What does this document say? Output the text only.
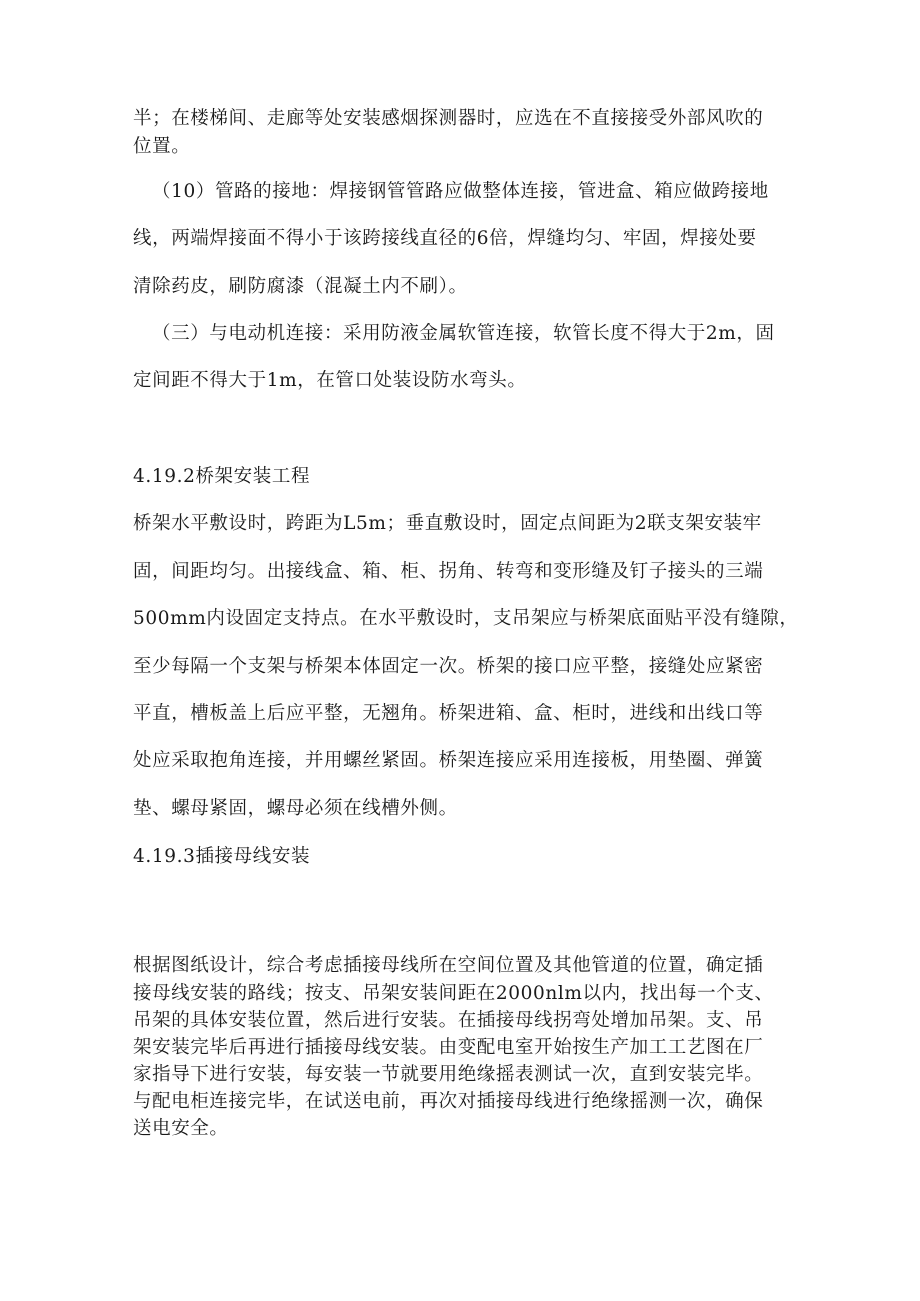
半；在楼梯间、走廊等处安装感烟探测器时，应选在不直接接受外部风吹的
位置。
（10）管路的接地：焊接钢管管路应做整体连接，管进盒、箱应做跨接地
线，两端焊接面不得小于该跨接线直径的6倍，焊缝均匀、牢固，焊接处要
清除药皮，刷防腐漆（混凝土内不刷）。
（三）与电动机连接：采用防液金属软管连接，软管长度不得大于2m，固
定间距不得大于1m，在管口处装设防水弯头。
4.19.2桥架安装工程
桥架水平敷设时，跨距为L5m；垂直敷设时，固定点间距为2联支架安装牢
固，间距均匀。出接线盒、箱、柜、拐角、转弯和变形缝及钉子接头的三端
500mm内设固定支持点。在水平敷设时，支吊架应与桥架底面贴平没有缝隙，
至少每隔一个支架与桥架本体固定一次。桥架的接口应平整，接缝处应紧密
平直，槽板盖上后应平整，无翘角。桥架进箱、盒、柜时，进线和出线口等
处应采取抱角连接，并用螺丝紧固。桥架连接应采用连接板，用垫圈、弹簧
垫、螺母紧固，螺母必须在线槽外侧。
4.19.3插接母线安装
根据图纸设计，综合考虑插接母线所在空间位置及其他管道的位置，确定插
接母线安装的路线；按支、吊架安装间距在2000nlm以内，找出每一个支、
吊架的具体安装位置，然后进行安装。在插接母线拐弯处增加吊架。支、吊
架安装完毕后再进行插接母线安装。由变配电室开始按生产加工工艺图在厂
家指导下进行安装，每安装一节就要用绝缘摇表测试一次，直到安装完毕。
与配电柜连接完毕，在试送电前，再次对插接母线进行绝缘摇测一次，确保
送电安全。
